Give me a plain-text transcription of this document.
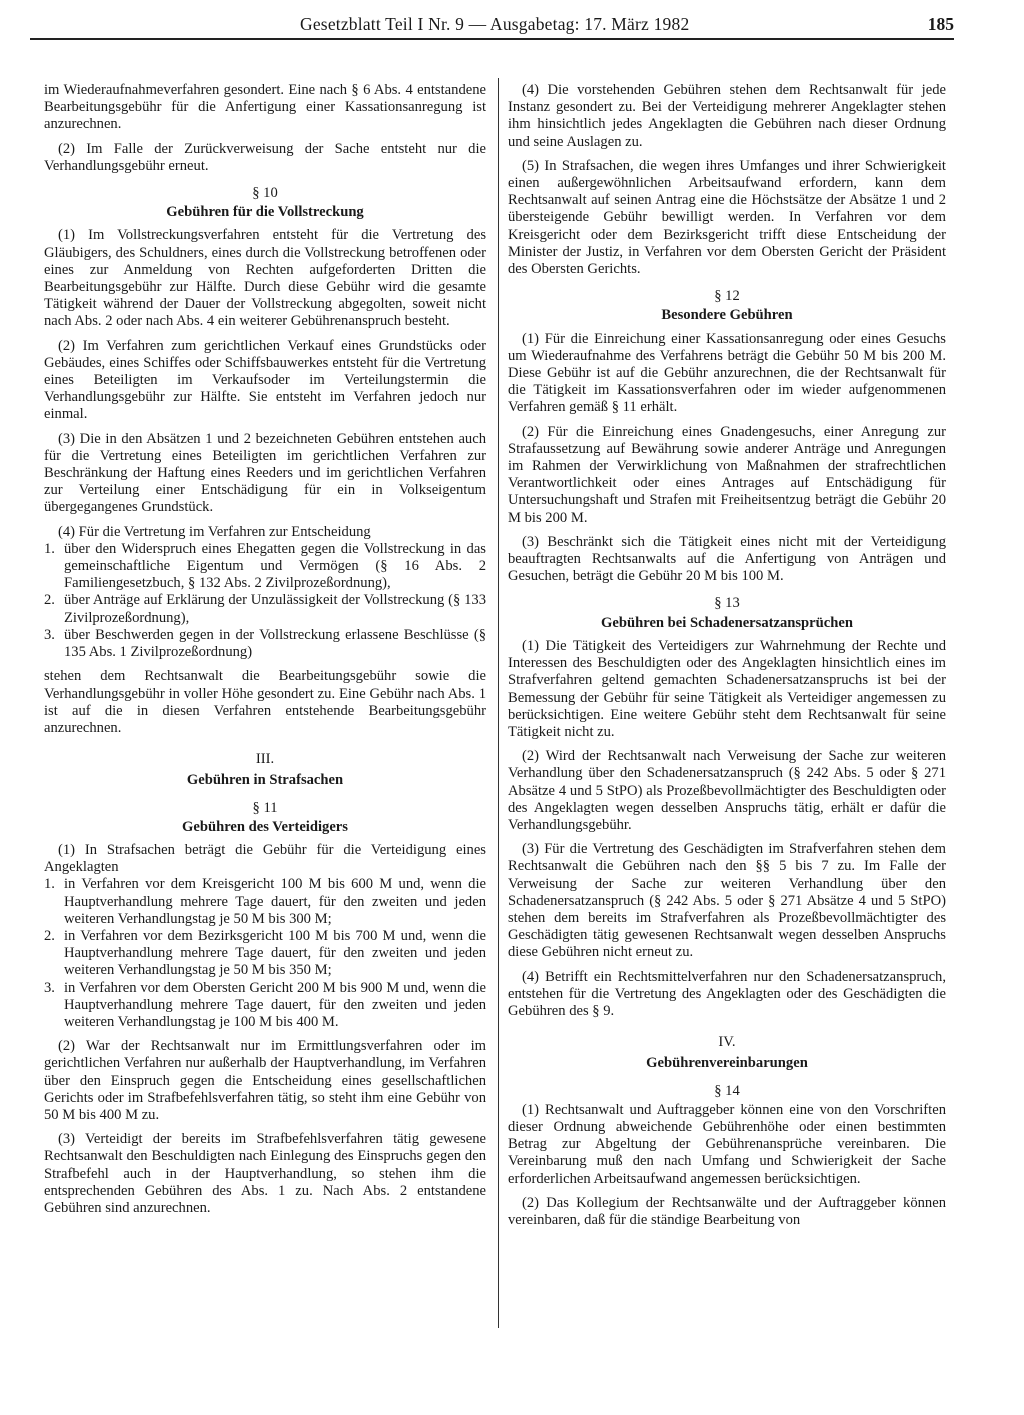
Gesetzblatt Teil I Nr. 9 — Ausgabetag: 17. März 1982	185

im Wiederaufnahmeverfahren gesondert. Eine nach § 6 Abs. 4 entstandene Bearbeitungsgebühr für die Anfertigung einer Kassationsanregung ist anzurechnen.

(2) Im Falle der Zurückverweisung der Sache entsteht nur die Verhandlungsgebühr erneut.

§ 10
Gebühren für die Vollstreckung

(1) Im Vollstreckungsverfahren entsteht für die Vertretung des Gläubigers, des Schuldners, eines durch die Vollstreckung betroffenen oder eines zur Anmeldung von Rechten aufgeforderten Dritten die Bearbeitungsgebühr zur Hälfte. Durch diese Gebühr wird die gesamte Tätigkeit während der Dauer der Vollstreckung abgegolten, soweit nicht nach Abs. 2 oder nach Abs. 4 ein weiterer Gebührenanspruch besteht.

(2) Im Verfahren zum gerichtlichen Verkauf eines Grundstücks oder Gebäudes, eines Schiffes oder Schiffsbauwerkes entsteht für die Vertretung eines Beteiligten im Verkaufsoder im Verteilungstermin die Verhandlungsgebühr zur Hälfte. Sie entsteht im Verfahren jedoch nur einmal.

(3) Die in den Absätzen 1 und 2 bezeichneten Gebühren entstehen auch für die Vertretung eines Beteiligten im gerichtlichen Verfahren zur Beschränkung der Haftung eines Reeders und im gerichtlichen Verfahren zur Verteilung einer Entschädigung für ein in Volkseigentum übergegangenes Grundstück.

(4) Für die Vertretung im Verfahren zur Entscheidung

1. über den Widerspruch eines Ehegatten gegen die Vollstreckung in das gemeinschaftliche Eigentum und Vermögen (§ 16 Abs. 2 Familiengesetzbuch, § 132 Abs. 2 Zivilprozeßordnung),
2. über Anträge auf Erklärung der Unzulässigkeit der Vollstreckung (§ 133 Zivilprozeßordnung),
3. über Beschwerden gegen in der Vollstreckung erlassene Beschlüsse (§ 135 Abs. 1 Zivilprozeßordnung)

stehen dem Rechtsanwalt die Bearbeitungsgebühr sowie die Verhandlungsgebühr in voller Höhe gesondert zu. Eine Gebühr nach Abs. 1 ist auf die in diesen Verfahren entstehende Bearbeitungsgebühr anzurechnen.

III.
Gebühren in Strafsachen
§ 11
Gebühren des Verteidigers

(1) In Strafsachen beträgt die Gebühr für die Verteidigung eines Angeklagten

1. in Verfahren vor dem Kreisgericht 100 M bis 600 M und, wenn die Hauptverhandlung mehrere Tage dauert, für den zweiten und jeden weiteren Verhandlungstag je 50 M bis 300 M;
2. in Verfahren vor dem Bezirksgericht 100 M bis 700 M und, wenn die Hauptverhandlung mehrere Tage dauert, für den zweiten und jeden weiteren Verhandlungstag je 50 M bis 350 M;
3. in Verfahren vor dem Obersten Gericht 200 M bis 900 M und, wenn die Hauptverhandlung mehrere Tage dauert, für den zweiten und jeden weiteren Verhandlungstag je 100 M bis 400 M.

(2) War der Rechtsanwalt nur im Ermittlungsverfahren oder im gerichtlichen Verfahren nur außerhalb der Hauptverhandlung, im Verfahren über den Einspruch gegen die Entscheidung eines gesellschaftlichen Gerichts oder im Strafbefehlsverfahren tätig, so steht ihm eine Gebühr von 50 M bis 400 M zu.

(3) Verteidigt der bereits im Strafbefehlsverfahren tätig gewesene Rechtsanwalt den Beschuldigten nach Einlegung des Einspruchs gegen den Strafbefehl auch in der Hauptverhandlung, so stehen ihm die entsprechenden Gebühren des Abs. 1 zu. Nach Abs. 2 entstandene Gebühren sind anzurechnen.

(4) Die vorstehenden Gebühren stehen dem Rechtsanwalt für jede Instanz gesondert zu. Bei der Verteidigung mehrerer Angeklagter stehen ihm hinsichtlich jedes Angeklagten die Gebühren nach dieser Ordnung und seine Auslagen zu.

(5) In Strafsachen, die wegen ihres Umfanges und ihrer Schwierigkeit einen außergewöhnlichen Arbeitsaufwand erfordern, kann dem Rechtsanwalt auf seinen Antrag eine die Höchstsätze der Absätze 1 und 2 übersteigende Gebühr bewilligt werden. In Verfahren vor dem Kreisgericht oder dem Bezirksgericht trifft diese Entscheidung der Minister der Justiz, in Verfahren vor dem Obersten Gericht der Präsident des Obersten Gerichts.

§ 12
Besondere Gebühren

(1) Für die Einreichung einer Kassationsanregung oder eines Gesuchs um Wiederaufnahme des Verfahrens beträgt die Gebühr 50 M bis 200 M. Diese Gebühr ist auf die Gebühr anzurechnen, die der Rechtsanwalt für die Tätigkeit im Kassationsverfahren oder im wieder aufgenommenen Verfahren gemäß § 11 erhält.

(2) Für die Einreichung eines Gnadengesuchs, einer Anregung zur Strafaussetzung auf Bewährung sowie anderer Anträge und Anregungen im Rahmen der Verwirklichung von Maßnahmen der strafrechtlichen Verantwortlichkeit oder eines Antrages auf Entschädigung für Untersuchungshaft und Strafen mit Freiheitsentzug beträgt die Gebühr 20 M bis 200 M.

(3) Beschränkt sich die Tätigkeit eines nicht mit der Verteidigung beauftragten Rechtsanwalts auf die Anfertigung von Anträgen und Gesuchen, beträgt die Gebühr 20 M bis 100 M.

§ 13
Gebühren bei Schadenersatzansprüchen

(1) Die Tätigkeit des Verteidigers zur Wahrnehmung der Rechte und Interessen des Beschuldigten oder des Angeklagten hinsichtlich eines im Strafverfahren geltend gemachten Schadenersatzanspruchs ist bei der Bemessung der Gebühr für seine Tätigkeit als Verteidiger angemessen zu berücksichtigen. Eine weitere Gebühr steht dem Rechtsanwalt für seine Tätigkeit nicht zu.

(2) Wird der Rechtsanwalt nach Verweisung der Sache zur weiteren Verhandlung über den Schadenersatzanspruch (§ 242 Abs. 5 oder § 271 Absätze 4 und 5 StPO) als Prozeßbevollmächtigter des Beschuldigten oder des Angeklagten wegen desselben Anspruchs tätig, erhält er dafür die Verhandlungsgebühr.

(3) Für die Vertretung des Geschädigten im Strafverfahren stehen dem Rechtsanwalt die Gebühren nach den §§ 5 bis 7 zu. Im Falle der Verweisung der Sache zur weiteren Verhandlung über den Schadenersatzanspruch (§ 242 Abs. 5 oder § 271 Absätze 4 und 5 StPO) stehen dem bereits im Strafverfahren als Prozeßbevollmächtigter des Geschädigten tätig gewesenen Rechtsanwalt wegen desselben Anspruchs diese Gebühren nicht erneut zu.

(4) Betrifft ein Rechtsmittelverfahren nur den Schadenersatzanspruch, entstehen für die Vertretung des Angeklagten oder des Geschädigten die Gebühren des § 9.

IV.
Gebührenvereinbarungen
§ 14

(1) Rechtsanwalt und Auftraggeber können eine von den Vorschriften dieser Ordnung abweichende Gebührenhöhe oder einen bestimmten Betrag zur Abgeltung der Gebührenansprüche vereinbaren. Die Vereinbarung muß den nach Umfang und Schwierigkeit der Sache erforderlichen Arbeitsaufwand angemessen berücksichtigen.

(2) Das Kollegium der Rechtsanwälte und der Auftraggeber können vereinbaren, daß für die ständige Bearbeitung von
